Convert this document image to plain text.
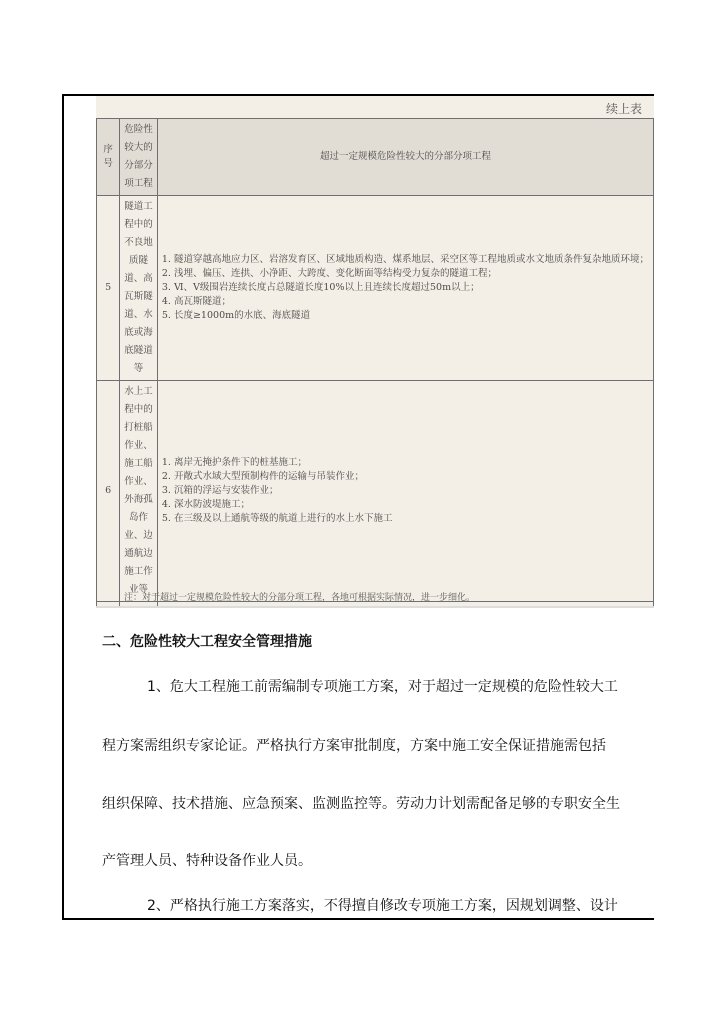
续上表
序号	危险性较大的分部分项工程	超过一定规模危险性较大的分部分项工程
5	隧道工程中的不良地质隧道、高瓦斯隧道、水底或海底隧道等	1. 隧道穿越高地应力区、岩溶发育区、区域地质构造、煤系地层、采空区等工程地质或水文地质条件复杂地质环境；
2. 浅埋、偏压、连拱、小净距、大跨度、变化断面等结构受力复杂的隧道工程；
3. Ⅵ、Ⅴ级围岩连续长度占总隧道长度10%以上且连续长度超过50m以上；
4. 高瓦斯隧道；
5. 长度≥1000m的水底、海底隧道

6	水上工程中的打桩船作业、施工船作业、外海孤岛作业、边通航边施工作业等	1. 离岸无掩护条件下的桩基施工；
2. 开敞式水域大型预制构件的运输与吊装作业；
3. 沉箱的浮运与安装作业；
4. 深水防波堤施工；
5. 在三级及以上通航等级的航道上进行的水上水下施工

注：对于超过一定规模危险性较大的分部分项工程，各地可根据实际情况，进一步细化。
二、危险性较大工程安全管理措施
1、危大工程施工前需编制专项施工方案，对于超过一定规模的危险性较大工
程方案需组织专家论证。严格执行方案审批制度，方案中施工安全保证措施需包括
组织保障、技术措施、应急预案、监测监控等。劳动力计划需配备足够的专职安全生
产管理人员、特种设备作业人员。
2、严格执行施工方案落实，不得擅自修改专项施工方案，因规划调整、设计
